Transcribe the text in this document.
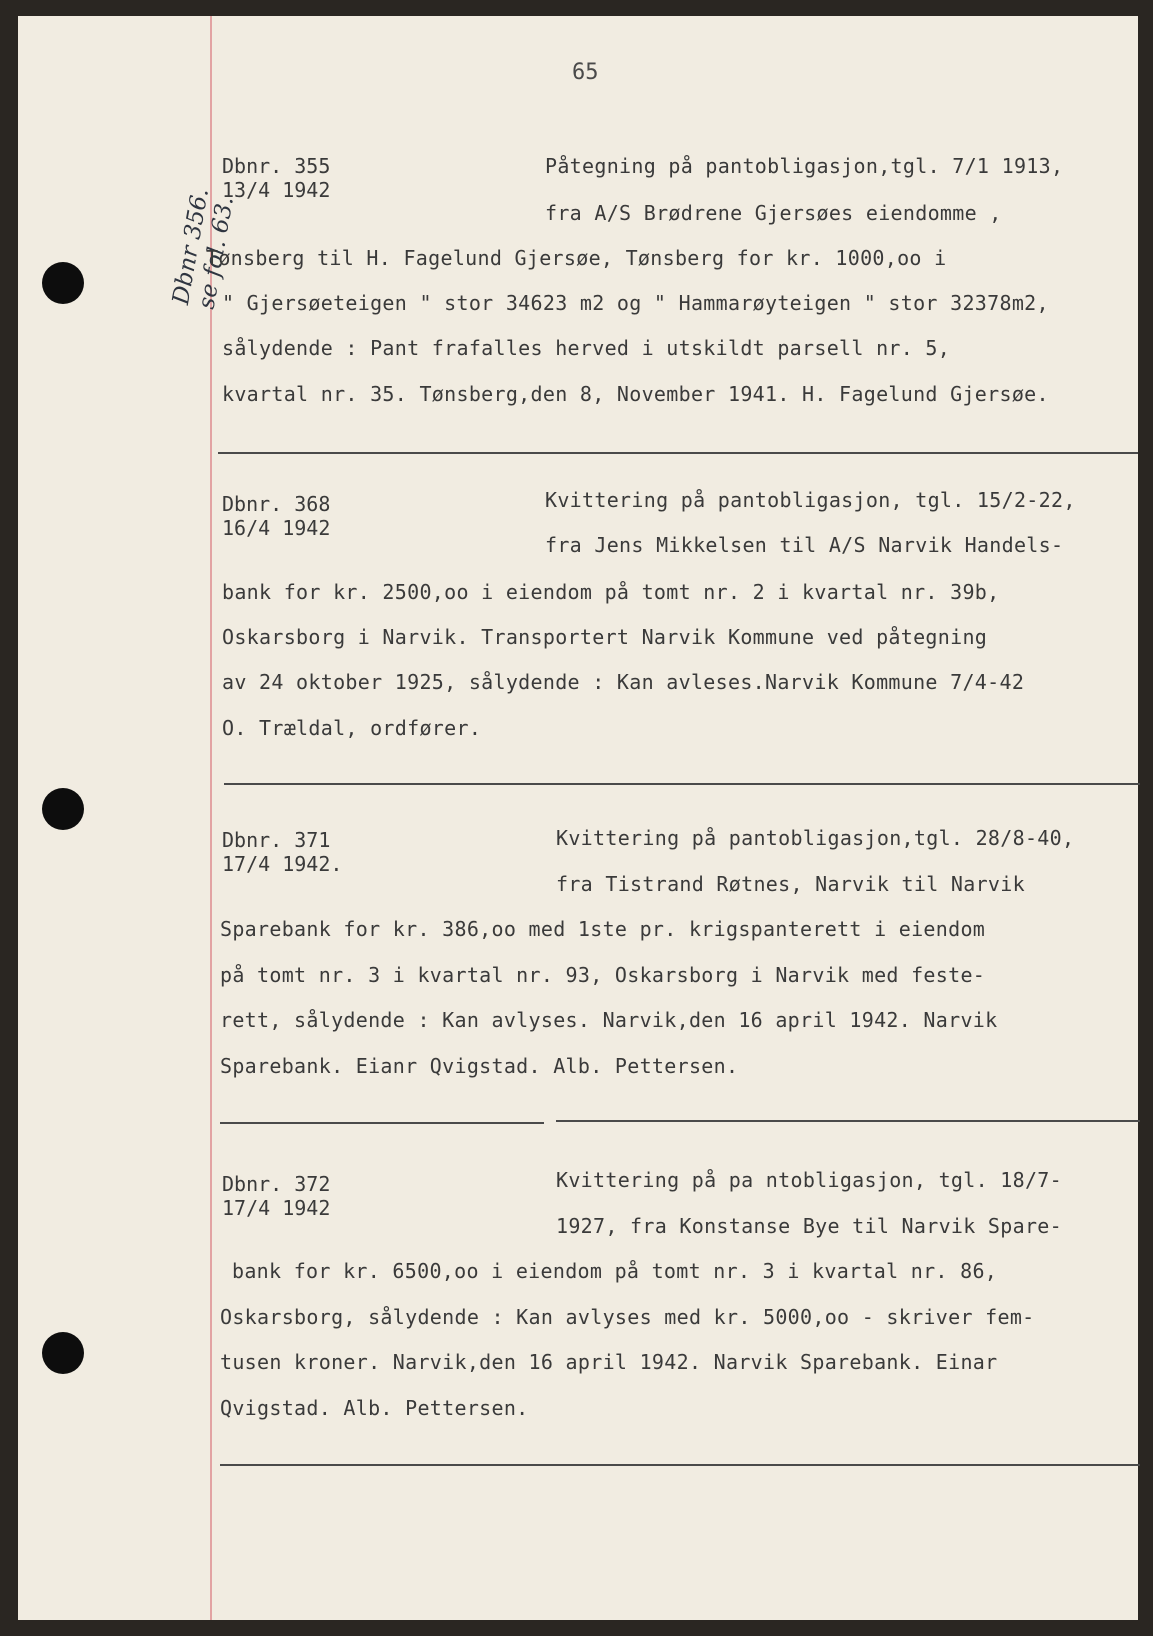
65
Dbnr 356. se fol. 63.
Dbnr. 355
13/4 1942
Påtegning på pantobligasjon,tgl. 7/1 1913,
fra A/S Brødrene Gjersøes eiendomme ,
Tønsberg til H. Fagelund Gjersøe, Tønsberg for kr. 1000,oo i
" Gjersøeteigen " stor 34623 m2 og " Hammarøyteigen " stor 32378m2,
sålydende : Pant frafalles herved i utskildt parsell nr. 5,
kvartal nr. 35. Tønsberg,den 8, November 1941. H. Fagelund Gjersøe.
Dbnr. 368
16/4 1942
Kvittering på pantobligasjon, tgl. 15/2-22,
fra Jens Mikkelsen til A/S Narvik Handels-
bank for kr. 2500,oo i eiendom på tomt nr. 2 i kvartal nr. 39b,
Oskarsborg i Narvik. Transportert Narvik Kommune ved påtegning
av 24 oktober 1925, sålydende : Kan avleses.Narvik Kommune 7/4-42
O. Trældal, ordfører.
Dbnr. 371
17/4 1942.
Kvittering på pantobligasjon,tgl. 28/8-40,
fra Tistrand Røtnes, Narvik til Narvik
Sparebank for kr. 386,oo med 1ste pr. krigspanterett i eiendom
på tomt nr. 3 i kvartal nr. 93, Oskarsborg i Narvik med feste-
rett, sålydende : Kan avlyses. Narvik,den 16 april 1942. Narvik
Sparebank. Eianr Qvigstad. Alb. Pettersen.
Dbnr. 372
17/4 1942
Kvittering på pa ntobligasjon, tgl. 18/7-
1927, fra Konstanse Bye til Narvik Spare-
bank for kr. 6500,oo i eiendom på tomt nr. 3 i kvartal nr. 86,
Oskarsborg, sålydende : Kan avlyses med kr. 5000,oo - skriver fem-
tusen kroner. Narvik,den 16 april 1942. Narvik Sparebank. Einar
Qvigstad. Alb. Pettersen.
